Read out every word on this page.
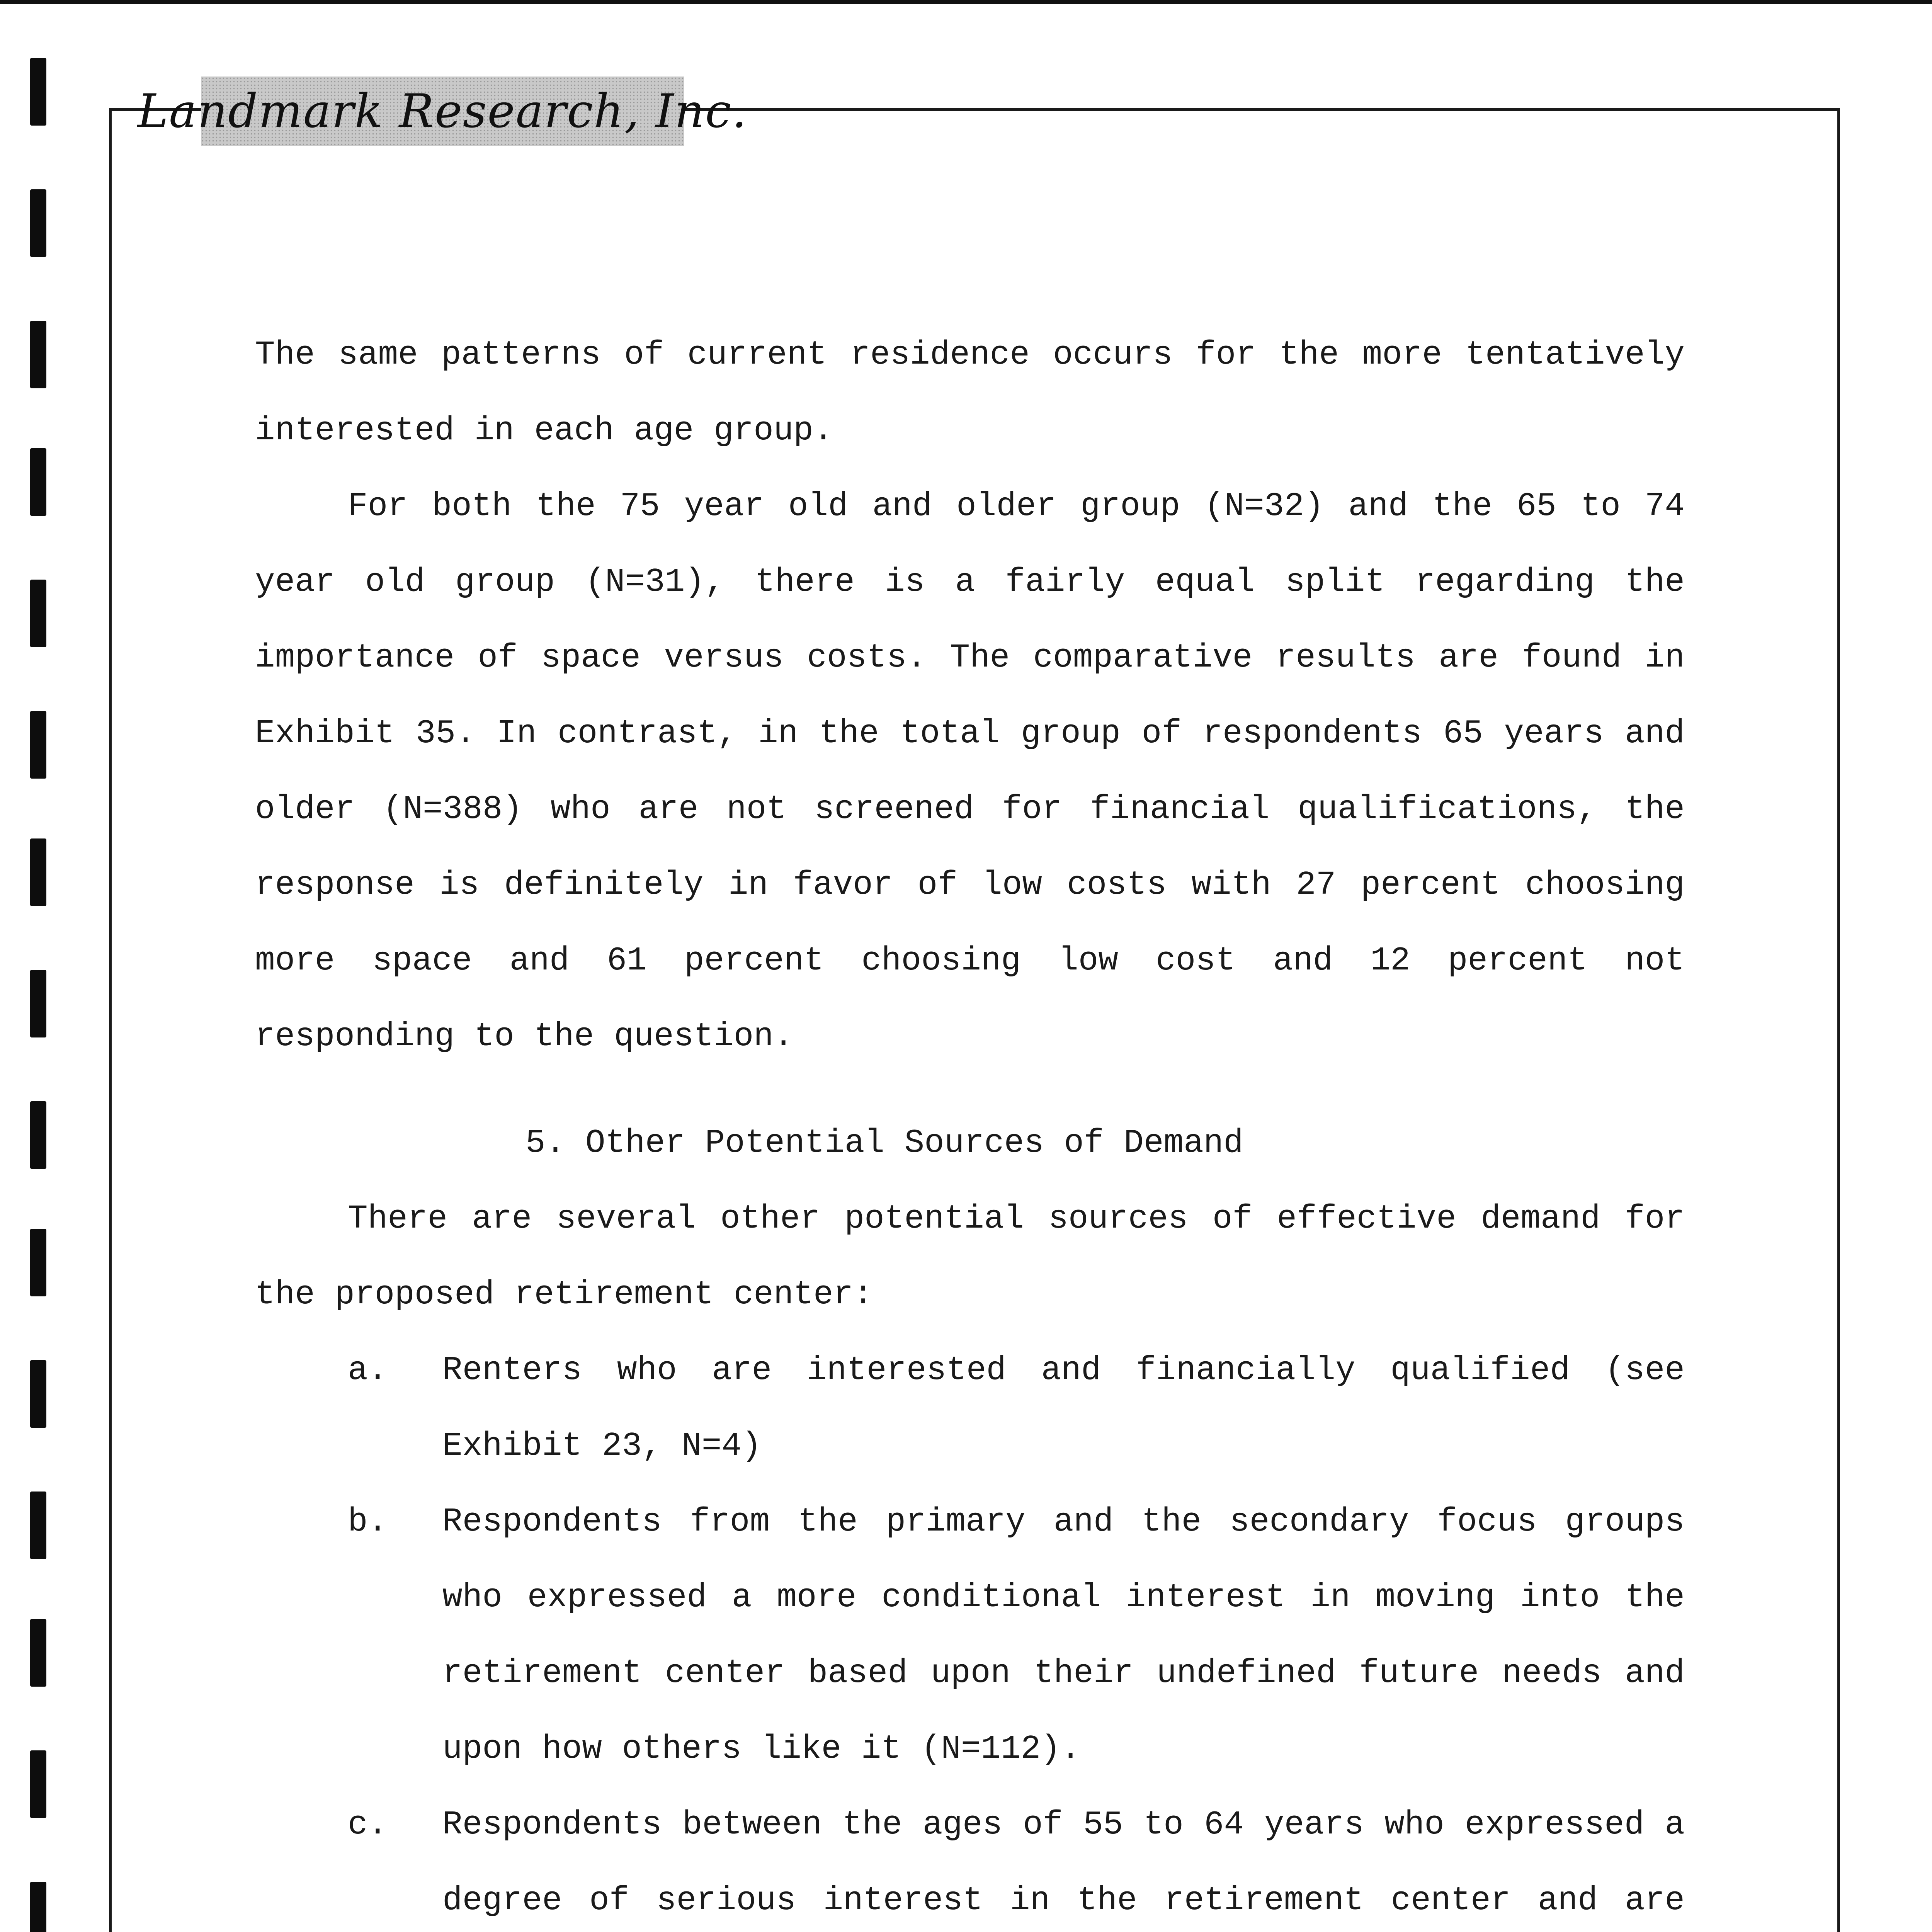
Landmark Research, Inc.

The same patterns of current residence occurs for the more tentatively interested in each age group.

For both the 75 year old and older group (N=32) and the 65 to 74 year old group (N=31), there is a fairly equal split regarding the importance of space versus costs. The comparative results are found in Exhibit 35. In contrast, in the total group of respondents 65 years and older (N=388) who are not screened for financial qualifications, the response is definitely in favor of low costs with 27 percent choosing more space and 61 percent choosing low cost and 12 percent not responding to the question.

5. Other Potential Sources of Demand

There are several other potential sources of effective demand for the proposed retirement center:

a. Renters who are interested and financially qualified (see Exhibit 23, N=4)
b. Respondents from the primary and the secondary focus groups who expressed a more conditional interest in moving into the retirement center based upon their undefined future needs and upon how others like it (N=112).
c. Respondents between the ages of 55 to 64 years who expressed a degree of serious interest in the retirement center and are
